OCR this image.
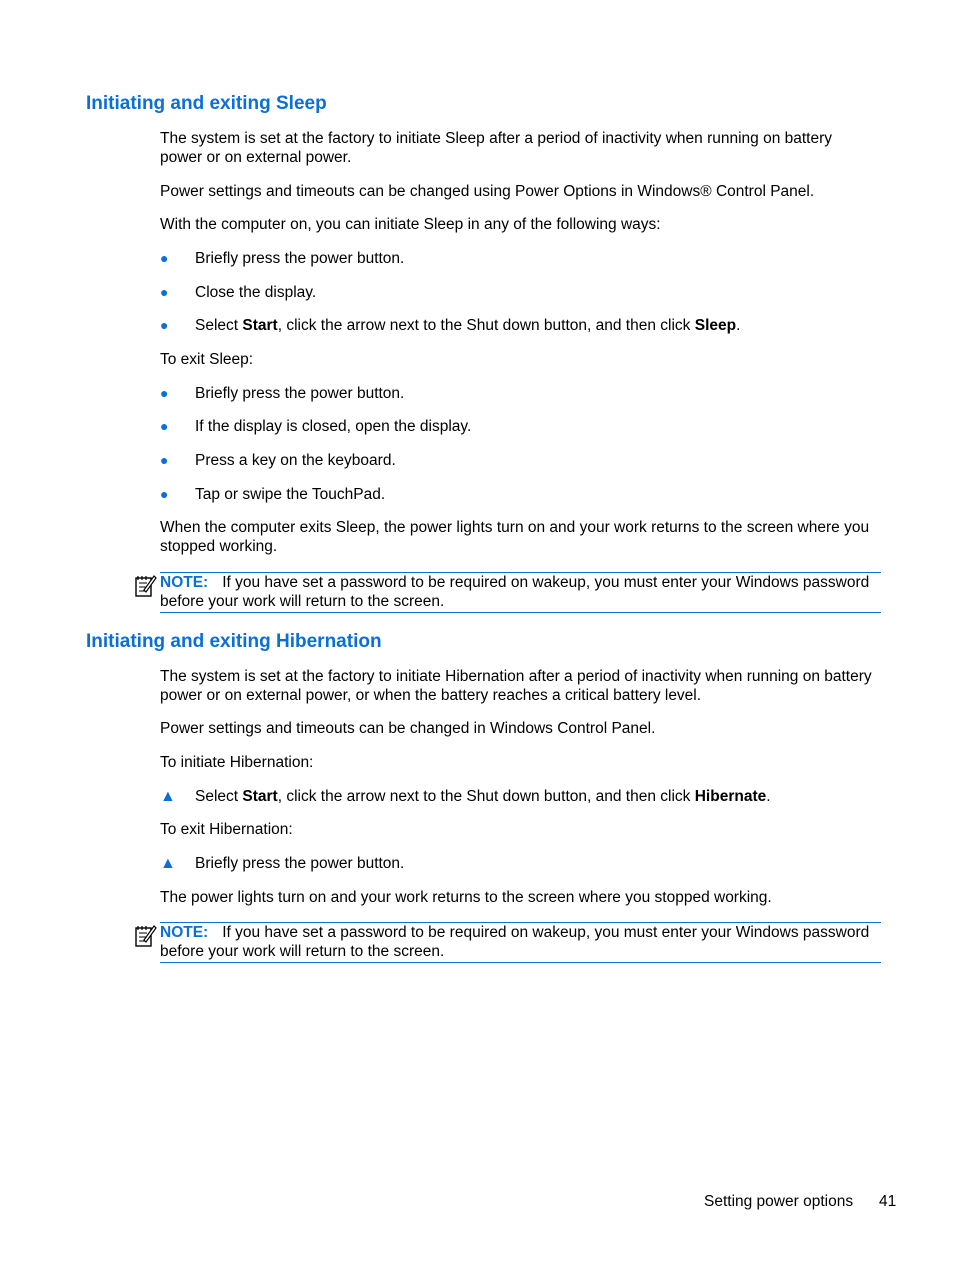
Initiating and exiting Sleep

The system is set at the factory to initiate Sleep after a period of inactivity when running on battery power or on external power.

Power settings and timeouts can be changed using Power Options in Windows® Control Panel.

With the computer on, you can initiate Sleep in any of the following ways:

●	Briefly press the power button.
●	Close the display.
●	Select Start, click the arrow next to the Shut down button, and then click Sleep.

To exit Sleep:

●	Briefly press the power button.
●	If the display is closed, open the display.
●	Press a key on the keyboard.
●	Tap or swipe the TouchPad.

When the computer exits Sleep, the power lights turn on and your work returns to the screen where you stopped working.

NOTE: If you have set a password to be required on wakeup, you must enter your Windows password before your work will return to the screen.
Initiating and exiting Hibernation

The system is set at the factory to initiate Hibernation after a period of inactivity when running on battery power or on external power, or when the battery reaches a critical battery level.

Power settings and timeouts can be changed in Windows Control Panel.

To initiate Hibernation:

▲ Select Start, click the arrow next to the Shut down button, and then click Hibernate.

To exit Hibernation:

▲ Briefly press the power button.

The power lights turn on and your work returns to the screen where you stopped working.

NOTE: If you have set a password to be required on wakeup, you must enter your Windows password before your work will return to the screen.
Setting power options 41
